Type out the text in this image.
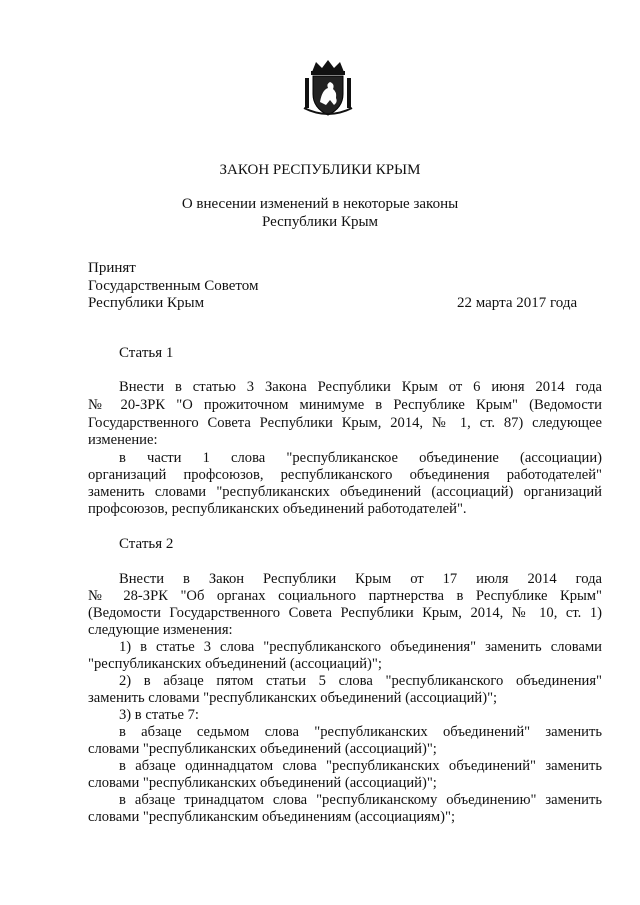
ЗАКОН РЕСПУБЛИКИ КРЫМ
О внесении изменений в некоторые законы
Республики Крым
Принят
Государственным Советом
Республики Крым	22 марта 2017 года
Статья 1
Внести в статью 3 Закона Республики Крым от 6 июня 2014 года
№ 20-ЗРК "О прожиточном минимуме в Республике Крым" (Ведомости
Государственного Совета Республики Крым, 2014, № 1, ст. 87) следующее
изменение:
в части 1 слова "республиканское объединение (ассоциации)
организаций профсоюзов, республиканского объединения работодателей"
заменить словами "республиканских объединений (ассоциаций) организаций
профсоюзов, республиканских объединений работодателей".
Статья 2
Внести в Закон Республики Крым от 17 июля 2014 года
№ 28-ЗРК "Об органах социального партнерства в Республике Крым"
(Ведомости Государственного Совета Республики Крым, 2014, № 10, ст. 1)
следующие изменения:
1) в статье 3 слова "республиканского объединения" заменить словами
"республиканских объединений (ассоциаций)";
2) в абзаце пятом статьи 5 слова "республиканского объединения"
заменить словами "республиканских объединений (ассоциаций)";
3) в статье 7:
в абзаце седьмом слова "республиканских объединений" заменить
словами "республиканских объединений (ассоциаций)";
в абзаце одиннадцатом слова "республиканских объединений" заменить
словами "республиканских объединений (ассоциаций)";
в абзаце тринадцатом слова "республиканскому объединению" заменить
словами "республиканским объединениям (ассоциациям)";
